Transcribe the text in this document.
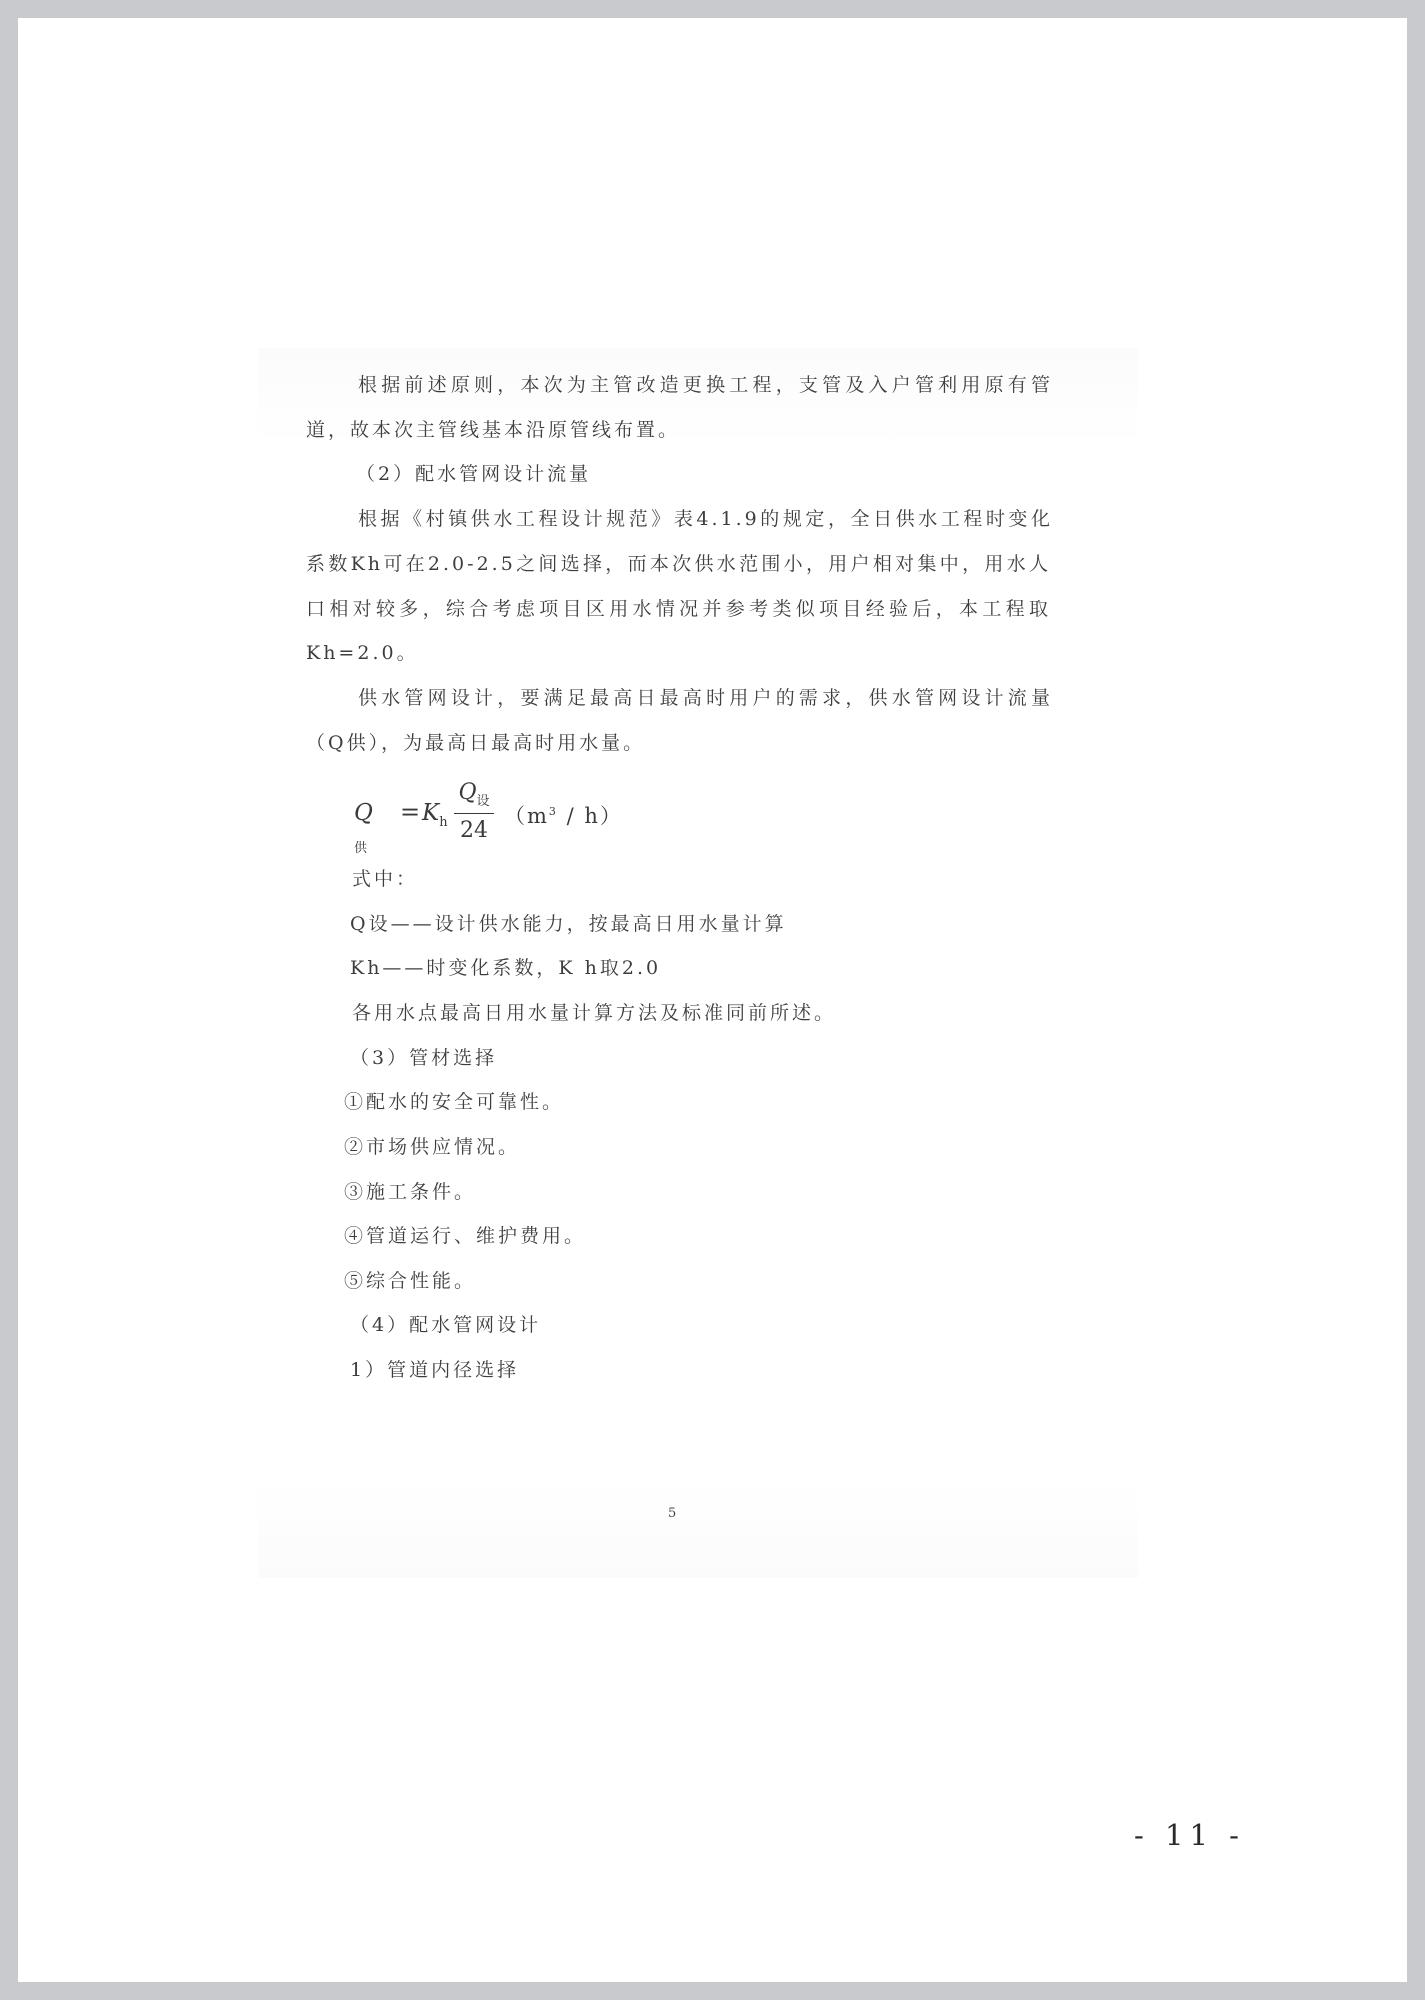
根据前述原则，本次为主管改造更换工程，支管及入户管利用原有管
道，故本次主管线基本沿原管线布置。
（2）配水管网设计流量
根据《村镇供水工程设计规范》表4.1.9的规定，全日供水工程时变化
系数Kh可在2.0-2.5之间选择，而本次供水范围小，用户相对集中，用水人
口相对较多，综合考虑项目区用水情况并参考类似项目经验后，本工程取
Kh=2.0。
供水管网设计，要满足最高日最高时用户的需求，供水管网设计流量
（Q供），为最高日最高时用水量。
$Q_供$
= $K_h$
$Q_设$
24
$(m^3 / h)$
式中：
Q设——设计供水能力，按最高日用水量计算
Kh——时变化系数，K h取2.0
各用水点最高日用水量计算方法及标准同前所述。
（3）管材选择
①配水的安全可靠性。
②市场供应情况。
③施工条件。
④管道运行、维护费用。
⑤综合性能。
（4）配水管网设计
1）管道内径选择
5
- 11 -
